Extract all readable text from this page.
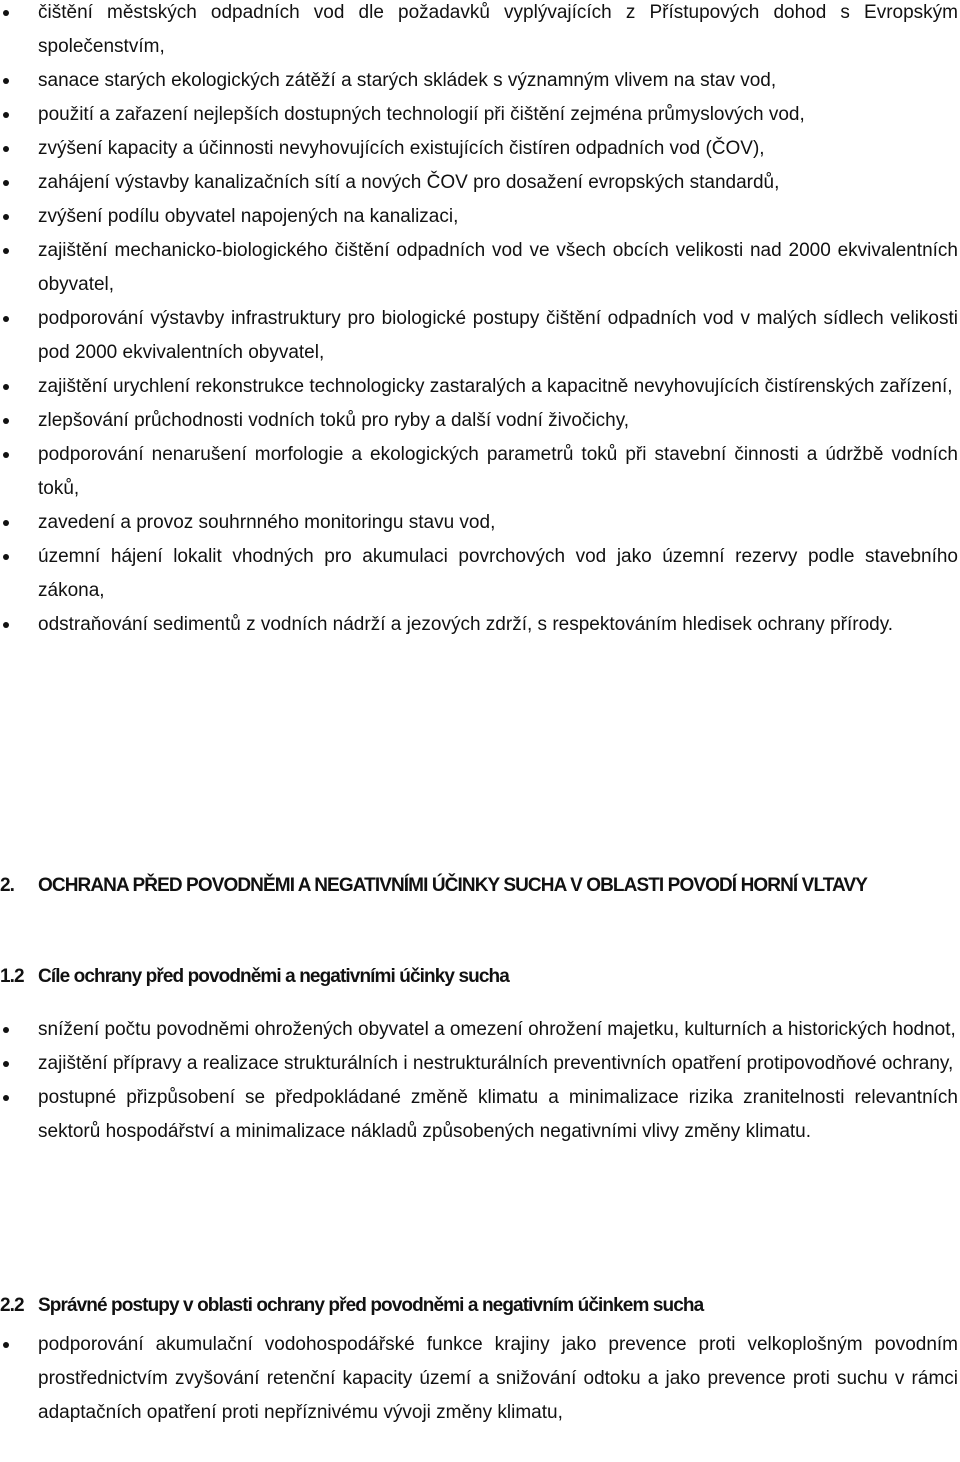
čištění městských odpadních vod dle požadavků vyplývajících z Přístupových dohod s Evropským společenstvím,
sanace starých ekologických zátěží a starých skládek s významným vlivem na stav vod,
použití a zařazení nejlepších dostupných technologií při čištění zejména průmyslových vod,
zvýšení kapacity a účinnosti nevyhovujících existujících čistíren odpadních vod (ČOV),
zahájení výstavby kanalizačních sítí a nových ČOV pro dosažení evropských standardů,
zvýšení podílu obyvatel napojených na kanalizaci,
zajištění mechanicko-biologického čištění odpadních vod ve všech obcích velikosti nad 2000 ekvivalentních obyvatel,
podporování výstavby infrastruktury pro biologické postupy čištění odpadních vod v malých sídlech velikosti pod 2000 ekvivalentních obyvatel,
zajištění urychlení rekonstrukce technologicky zastaralých a kapacitně nevyhovujících čistírenských zařízení,
zlepšování průchodnosti vodních toků pro ryby a další vodní živočichy,
podporování nenarušení morfologie a ekologických parametrů toků při stavební činnosti a údržbě vodních toků,
zavedení a provoz souhrnného monitoringu stavu vod,
územní hájení lokalit vhodných pro akumulaci povrchových vod jako územní rezervy podle stavebního zákona,
odstraňování sedimentů z vodních nádrží a jezových zdrží, s respektováním hledisek ochrany přírody.
2.	OCHRANA PŘED POVODNĚMI A NEGATIVNÍMI ÚČINKY SUCHA V OBLASTI POVODÍ HORNÍ VLTAVY
1.2 Cíle ochrany před povodněmi a negativními účinky sucha
snížení počtu povodněmi ohrožených obyvatel a omezení ohrožení majetku, kulturních a historických hodnot,
zajištění přípravy a realizace strukturálních i nestrukturálních preventivních opatření protipovodňové ochrany,
postupné přizpůsobení se předpokládané změně klimatu a minimalizace rizika zranitelnosti relevantních sektorů hospodářství a minimalizace nákladů způsobených negativními vlivy změny klimatu.
2.2 Správné postupy v oblasti ochrany před povodněmi a negativním účinkem sucha
podporování akumulační vodohospodářské funkce krajiny jako prevence proti velkoplošným povodním prostřednictvím zvyšování retenční kapacity území a snižování odtoku a jako prevence proti suchu v rámci adaptačních opatření proti nepříznivému vývoji změny klimatu,
